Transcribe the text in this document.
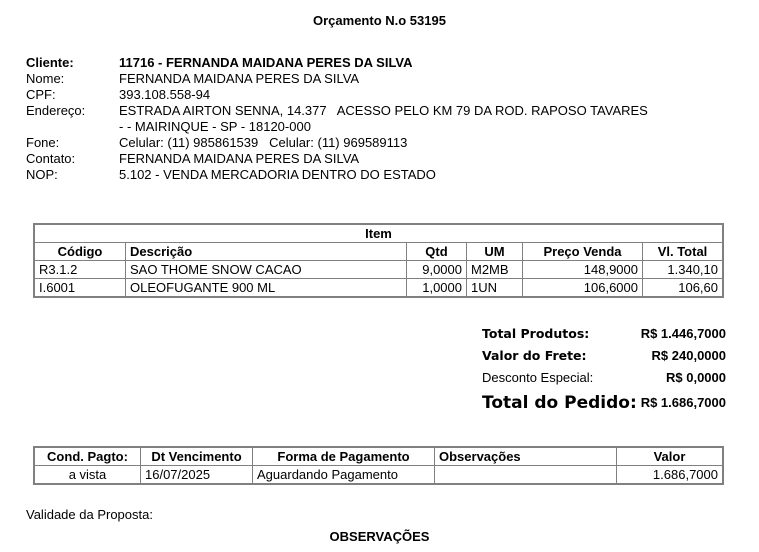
Orçamento N.o 53195
Cliente:	11716 - FERNANDA MAIDANA PERES DA SILVA
Nome:	FERNANDA MAIDANA PERES DA SILVA
CPF:	393.108.558-94
Endereço:	ESTRADA AIRTON SENNA, 14.377   ACESSO PELO KM 79 DA ROD. RAPOSO TAVARES
- - MAIRINQUE - SP - 18120-000
Fone:	Celular: (11) 985861539   Celular: (11) 969589113
Contato:	FERNANDA MAIDANA PERES DA SILVA
NOP:	5.102 - VENDA MERCADORIA DENTRO DO ESTADO
Item					
Código	Descrição	Qtd	UM	Preço Venda	Vl. Total
R3.1.2	SAO THOME SNOW CACAO	9,0000	M2MB	148,9000	1.340,10
I.6001	OLEOFUGANTE 900 ML	1,0000	1UN	106,6000	106,60
Total Produtos:	R$ 1.446,7000
Valor do Frete:	R$ 240,0000
Desconto Especial:	R$ 0,0000
Total do Pedido: R$ 1.686,7000
Cond. Pagto:	Dt Vencimento	Forma de Pagamento	Observações	Valor
a vista	16/07/2025	Aguardando Pagamento		1.686,7000
Validade da Proposta:
OBSERVAÇÕES
